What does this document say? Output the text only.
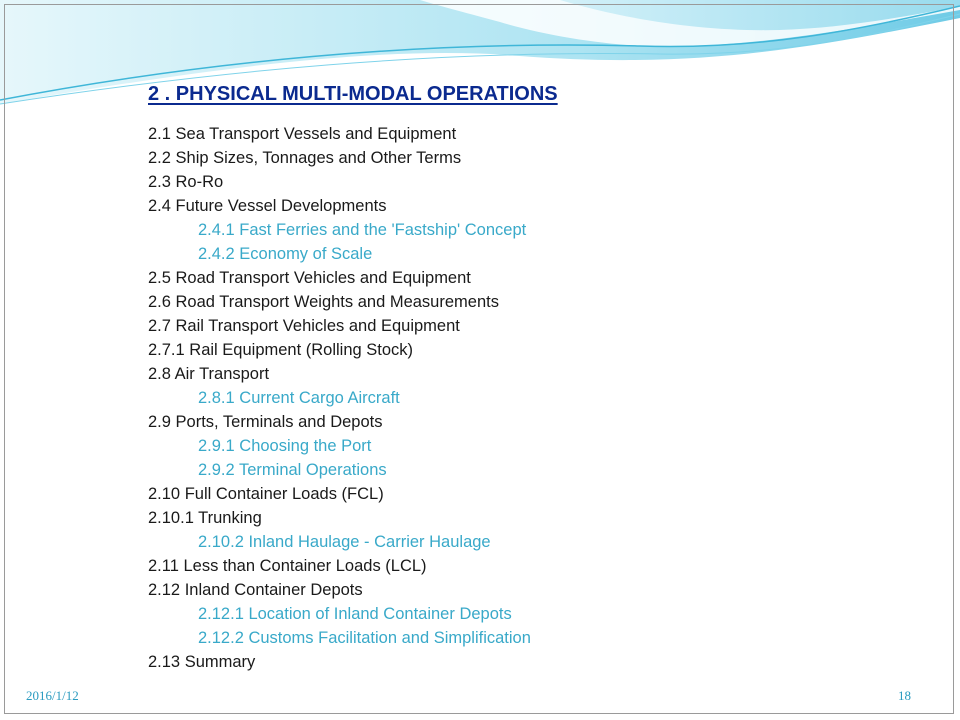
2 . PHYSICAL MULTI-MODAL OPERATIONS
2.1 Sea Transport Vessels and Equipment
2.2 Ship Sizes, Tonnages and Other Terms
2.3 Ro-Ro
2.4 Future Vessel Developments
2.4.1 Fast Ferries and the 'Fastship' Concept
2.4.2 Economy of Scale
2.5 Road Transport Vehicles and Equipment
2.6 Road Transport Weights and Measurements
2.7 Rail Transport Vehicles and Equipment
2.7.1 Rail Equipment (Rolling Stock)
2.8 Air Transport
2.8.1 Current Cargo Aircraft
2.9 Ports, Terminals and Depots
2.9.1 Choosing the Port
2.9.2 Terminal Operations
2.10 Full Container Loads (FCL)
2.10.1 Trunking
2.10.2 Inland Haulage - Carrier Haulage
2.11 Less than Container Loads (LCL)
2.12 Inland Container Depots
2.12.1 Location of Inland Container Depots
2.12.2 Customs Facilitation and Simplification
2.13 Summary
2016/1/12	18
